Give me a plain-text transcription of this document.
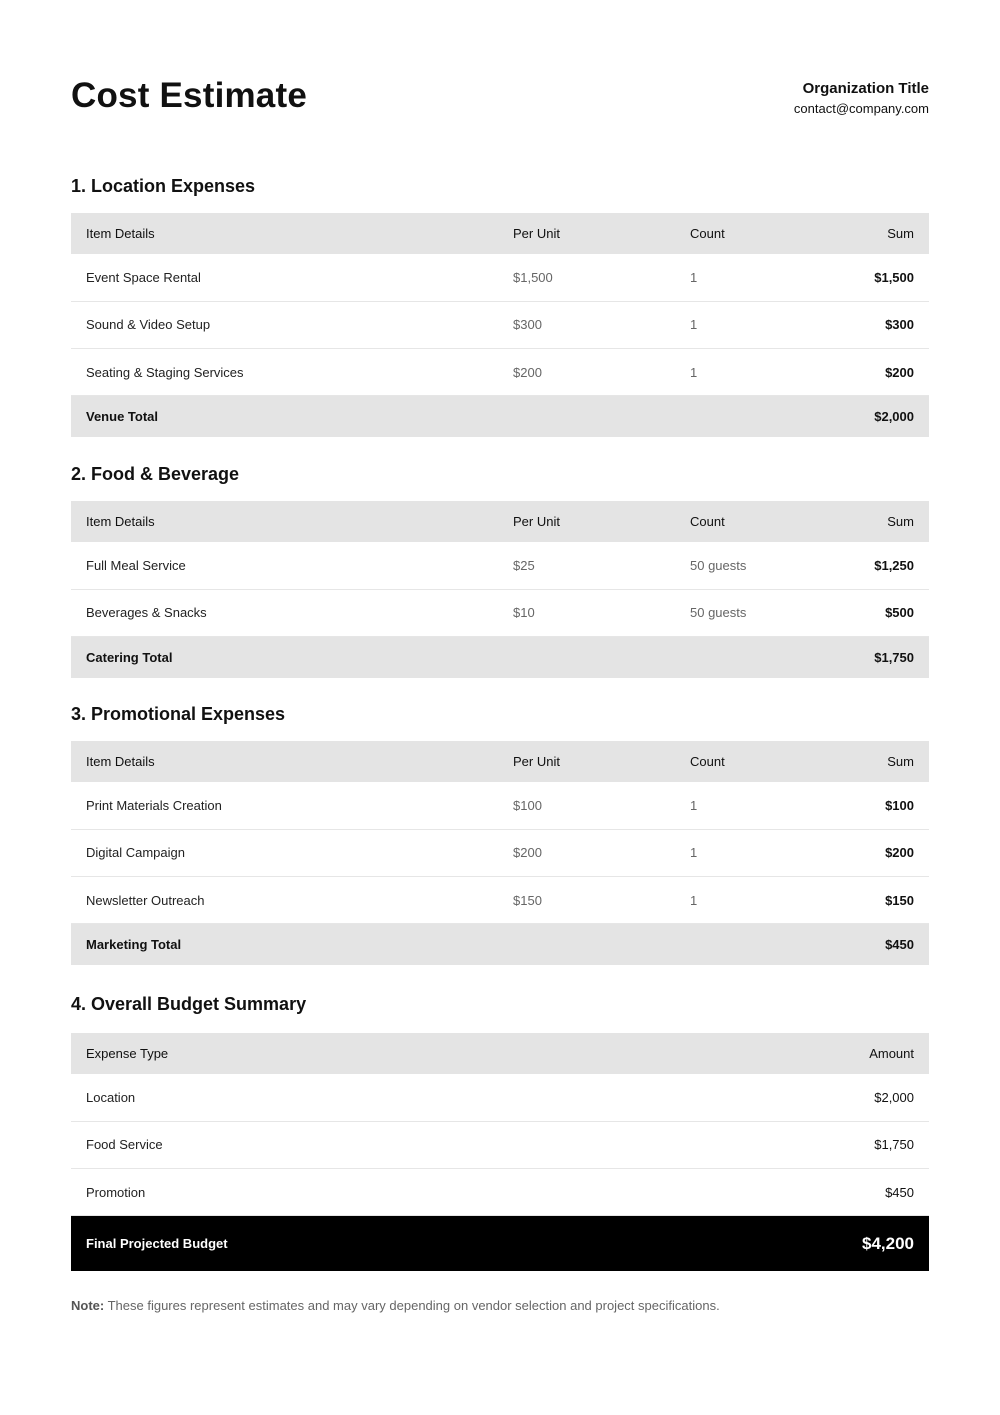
Cost Estimate	Organization Title
contact@company.com
1. Location Expenses
Item Details	Per Unit	Count	Sum
Event Space Rental	$1,500	1	$1,500
Sound & Video Setup	$300	1	$300
Seating & Staging Services	$200	1	$200
Venue Total			$2,000
2. Food & Beverage
Item Details	Per Unit	Count	Sum
Full Meal Service	$25	50 guests	$1,250
Beverages & Snacks	$10	50 guests	$500
Catering Total			$1,750
3. Promotional Expenses
Item Details	Per Unit	Count	Sum
Print Materials Creation	$100	1	$100
Digital Campaign	$200	1	$200
Newsletter Outreach	$150	1	$150
Marketing Total			$450
4. Overall Budget Summary
Expense Type	Amount
Location	$2,000
Food Service	$1,750
Promotion	$450
Final Projected Budget	$4,200
Note: These figures represent estimates and may vary depending on vendor selection and project specifications.
